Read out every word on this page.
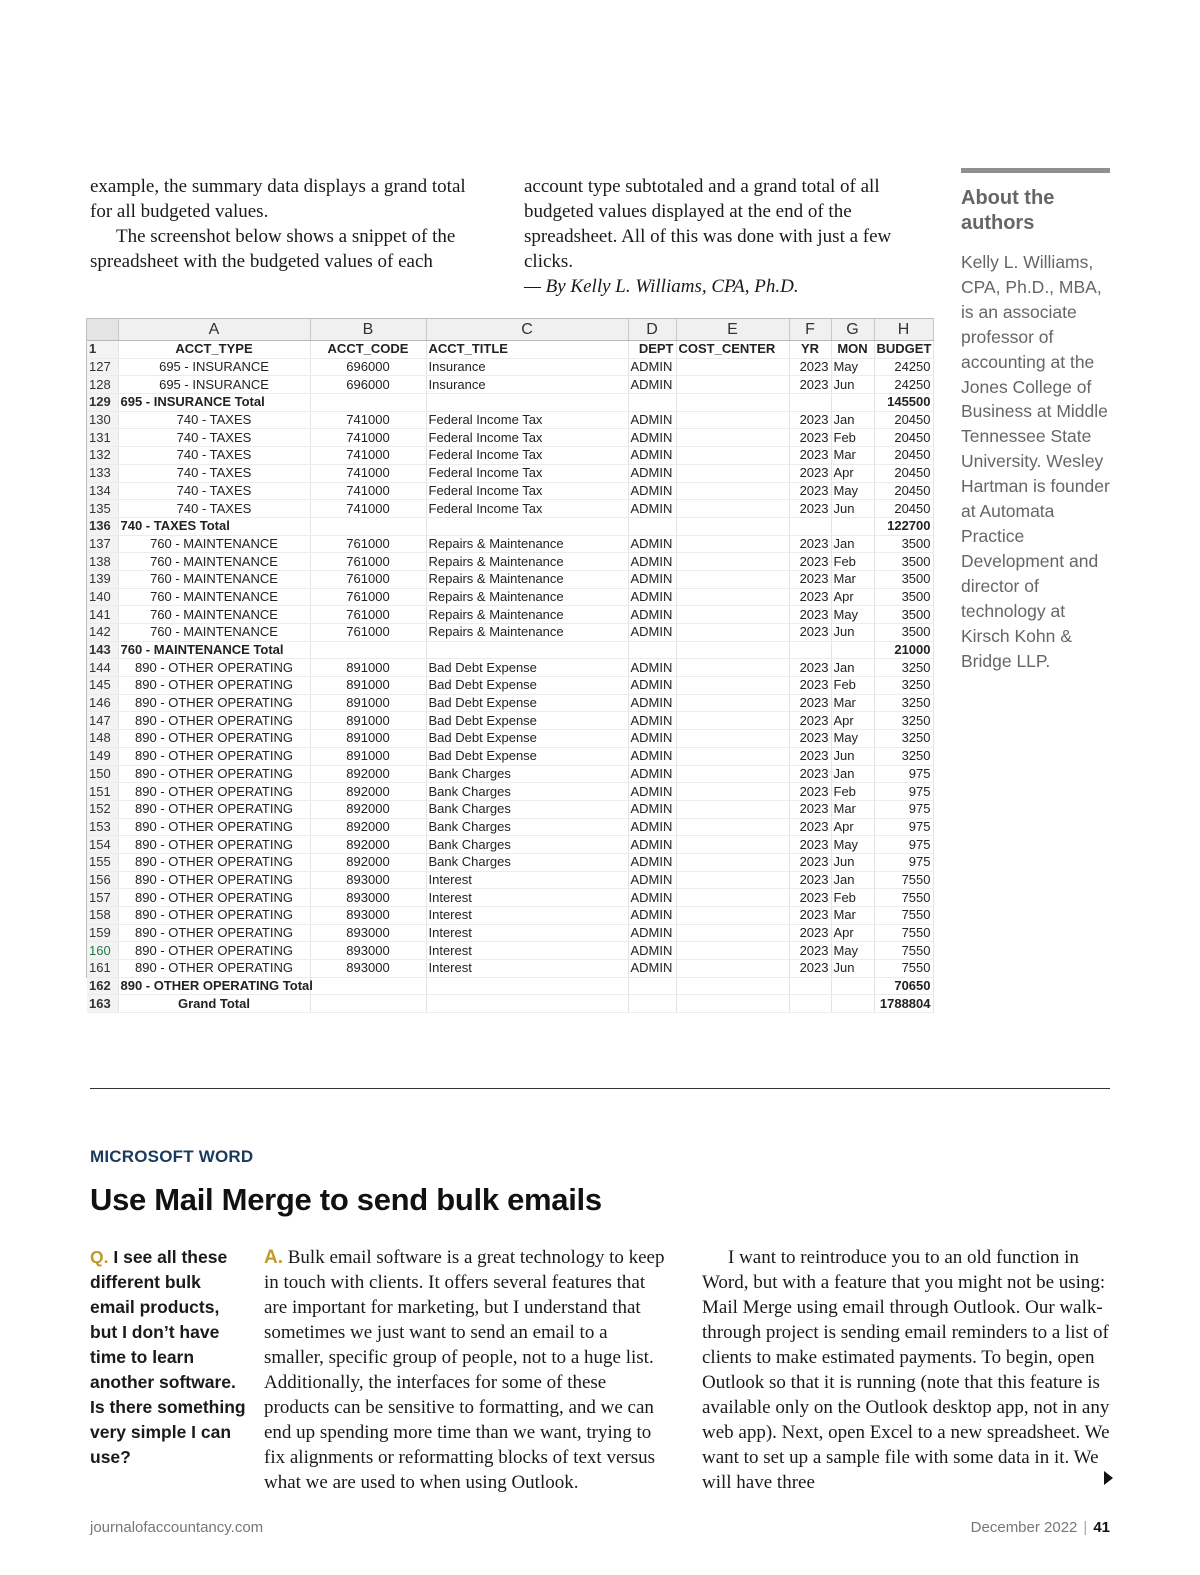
example, the summary data displays a grand total for all budgeted values.

The screenshot below shows a snippet of the spreadsheet with the budgeted values of each

account type subtotaled and a grand total of all budgeted values displayed at the end of the spreadsheet. All of this was done with just a few clicks.

— By Kelly L. Williams, CPA, Ph.D.

About the authors
Kelly L. Williams, CPA, Ph.D., MBA, is an associate professor of accounting at the Jones College of Business at Middle Tennessee State University. Wesley Hartman is founder at Automata Practice Development and director of technology at Kirsch Kohn & Bridge LLP.
	A	B	C	D	E	F	G	H
1	ACCT_TYPE	ACCT_CODE	ACCT_TITLE	DEPT	COST_CENTER	YR	MON	BUDGET
127	695 - INSURANCE	696000	Insurance	ADMIN		2023	May	24250
128	695 - INSURANCE	696000	Insurance	ADMIN		2023	Jun	24250
129	695 - INSURANCE Total							145500
130	740 - TAXES	741000	Federal Income Tax	ADMIN		2023	Jan	20450
131	740 - TAXES	741000	Federal Income Tax	ADMIN		2023	Feb	20450
132	740 - TAXES	741000	Federal Income Tax	ADMIN		2023	Mar	20450
133	740 - TAXES	741000	Federal Income Tax	ADMIN		2023	Apr	20450
134	740 - TAXES	741000	Federal Income Tax	ADMIN		2023	May	20450
135	740 - TAXES	741000	Federal Income Tax	ADMIN		2023	Jun	20450
136	740 - TAXES Total							122700
137	760 - MAINTENANCE	761000	Repairs & Maintenance	ADMIN		2023	Jan	3500
138	760 - MAINTENANCE	761000	Repairs & Maintenance	ADMIN		2023	Feb	3500
139	760 - MAINTENANCE	761000	Repairs & Maintenance	ADMIN		2023	Mar	3500
140	760 - MAINTENANCE	761000	Repairs & Maintenance	ADMIN		2023	Apr	3500
141	760 - MAINTENANCE	761000	Repairs & Maintenance	ADMIN		2023	May	3500
142	760 - MAINTENANCE	761000	Repairs & Maintenance	ADMIN		2023	Jun	3500
143	760 - MAINTENANCE Total							21000
144	890 - OTHER OPERATING	891000	Bad Debt Expense	ADMIN		2023	Jan	3250
145	890 - OTHER OPERATING	891000	Bad Debt Expense	ADMIN		2023	Feb	3250
146	890 - OTHER OPERATING	891000	Bad Debt Expense	ADMIN		2023	Mar	3250
147	890 - OTHER OPERATING	891000	Bad Debt Expense	ADMIN		2023	Apr	3250
148	890 - OTHER OPERATING	891000	Bad Debt Expense	ADMIN		2023	May	3250
149	890 - OTHER OPERATING	891000	Bad Debt Expense	ADMIN		2023	Jun	3250
150	890 - OTHER OPERATING	892000	Bank Charges	ADMIN		2023	Jan	975
151	890 - OTHER OPERATING	892000	Bank Charges	ADMIN		2023	Feb	975
152	890 - OTHER OPERATING	892000	Bank Charges	ADMIN		2023	Mar	975
153	890 - OTHER OPERATING	892000	Bank Charges	ADMIN		2023	Apr	975
154	890 - OTHER OPERATING	892000	Bank Charges	ADMIN		2023	May	975
155	890 - OTHER OPERATING	892000	Bank Charges	ADMIN		2023	Jun	975
156	890 - OTHER OPERATING	893000	Interest	ADMIN		2023	Jan	7550
157	890 - OTHER OPERATING	893000	Interest	ADMIN		2023	Feb	7550
158	890 - OTHER OPERATING	893000	Interest	ADMIN		2023	Mar	7550
159	890 - OTHER OPERATING	893000	Interest	ADMIN		2023	Apr	7550
160	890 - OTHER OPERATING	893000	Interest	ADMIN		2023	May	7550
161	890 - OTHER OPERATING	893000	Interest	ADMIN		2023	Jun	7550
162	890 - OTHER OPERATING Total							70650
163	Grand Total							1788804
MICROSOFT WORD
Use Mail Merge to send bulk emails
Q. I see all these different bulk email products, but I don’t have time to learn another software. Is there something very simple I can use?
A. Bulk email software is a great technology to keep in touch with clients. It offers several features that are important for marketing, but I understand that sometimes we just want to send an email to a smaller, specific group of people, not to a huge list. Additionally, the interfaces for some of these products can be sensitive to formatting, and we can end up spending more time than we want, trying to fix alignments or reformatting blocks of text versus what we are used to when using Outlook.

I want to reintroduce you to an old function in Word, but with a feature that you might not be using: Mail Merge using email through Outlook. Our walk-through project is sending email reminders to a list of clients to make estimated payments. To begin, open Outlook so that it is running (note that this feature is available only on the Outlook desktop app, not in any web app). Next, open Excel to a new spreadsheet. We want to set up a sample file with some data in it. We will have three

journalofaccountancy.com	December 2022 | 41
